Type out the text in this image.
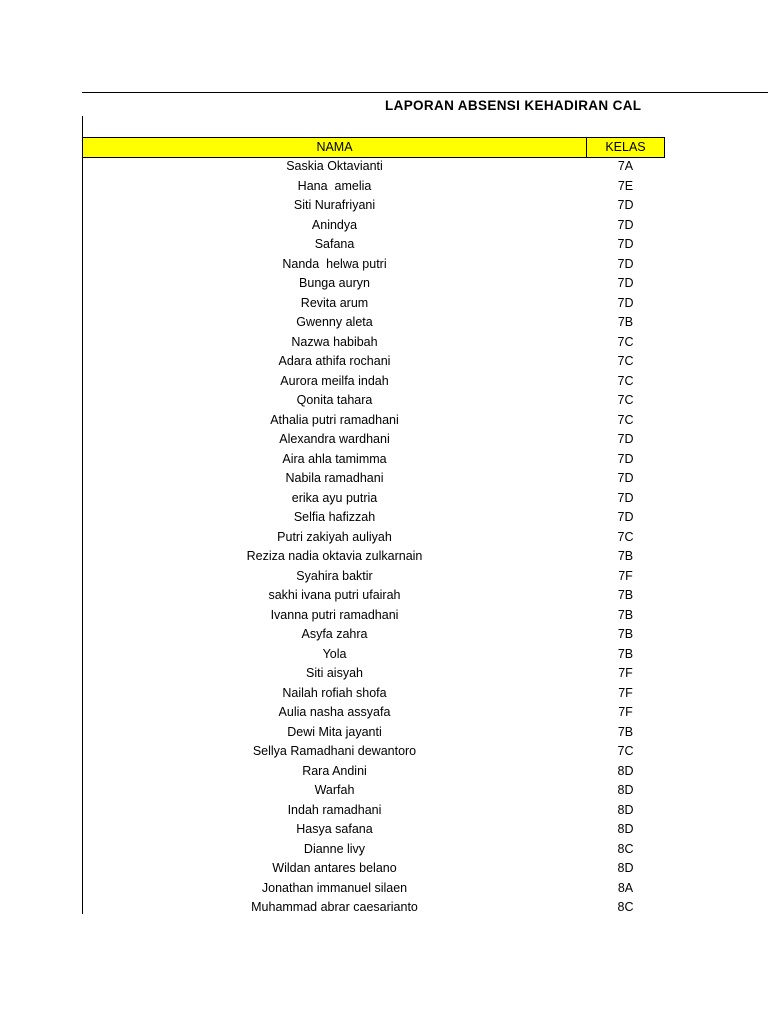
LAPORAN ABSENSI KEHADIRAN CAL
NAMA	KELAS
Saskia Oktavianti	7A
Hana  amelia	7E
Siti Nurafriyani	7D
Anindya	7D
Safana	7D
Nanda  helwa putri	7D
Bunga auryn	7D
Revita arum	7D
Gwenny aleta	7B
Nazwa habibah	7C
Adara athifa rochani	7C
Aurora meilfa indah	7C
Qonita tahara	7C
Athalia putri ramadhani	7C
Alexandra wardhani	7D
Aira ahla tamimma	7D
Nabila ramadhani	7D
erika ayu putria	7D
Selfia hafizzah	7D
Putri zakiyah auliyah	7C
Reziza nadia oktavia zulkarnain	7B
Syahira baktir	7F
sakhi ivana putri ufairah	7B
Ivanna putri ramadhani	7B
Asyfa zahra	7B
Yola	7B
Siti aisyah	7F
Nailah rofiah shofa	7F
Aulia nasha assyafa	7F
Dewi Mita jayanti	7B
Sellya Ramadhani dewantoro	7C
Rara Andini	8D
Warfah	8D
Indah ramadhani	8D
Hasya safana	8D
Dianne livy	8C
Wildan antares belano	8D
Jonathan immanuel silaen	8A
Muhammad abrar caesarianto	8C
